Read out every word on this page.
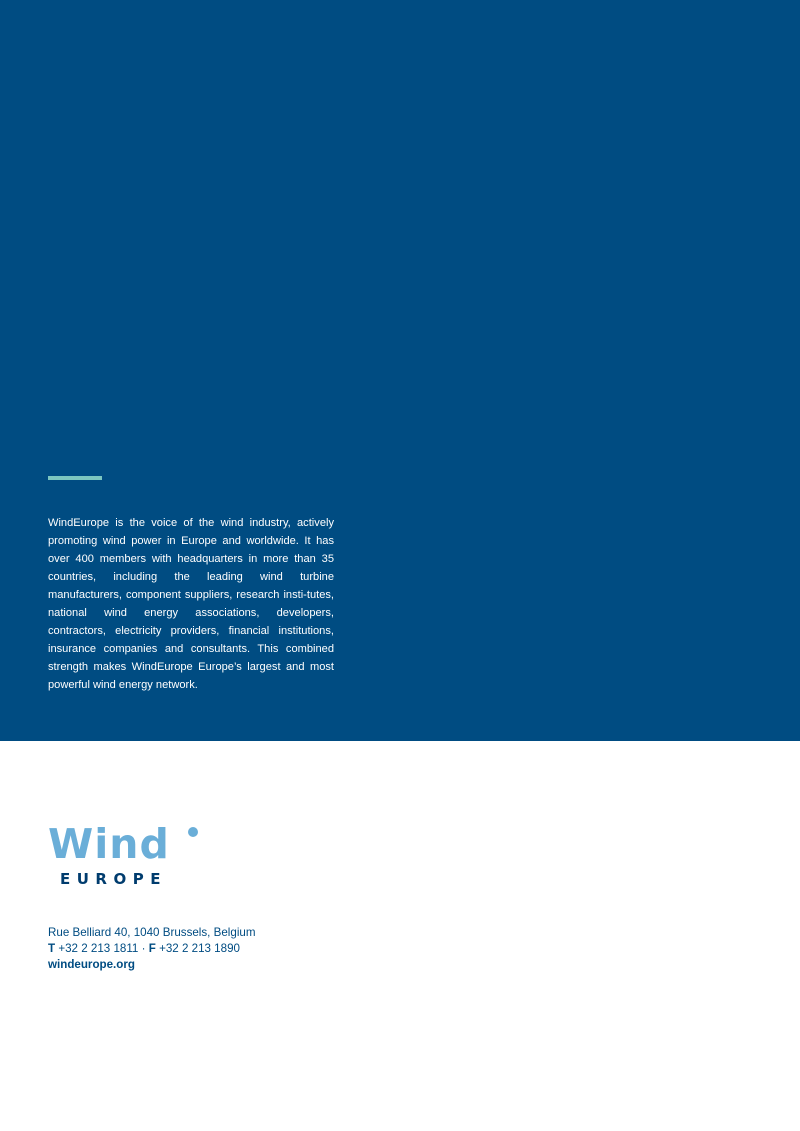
WindEurope is the voice of the wind industry, actively promoting wind power in Europe and worldwide. It has over 400 members with headquarters in more than 35 countries, including the leading wind turbine manufacturers, component suppliers, research insti-tutes, national wind energy associations, developers, contractors, electricity providers, financial institutions, insurance companies and consultants. This combined strength makes WindEurope Europe’s largest and most powerful wind energy network.

Wind
EUROPE
Rue Belliard 40, 1040 Brussels, Belgium
T +32 2 213 1811 · F +32 2 213 1890
windeurope.org
